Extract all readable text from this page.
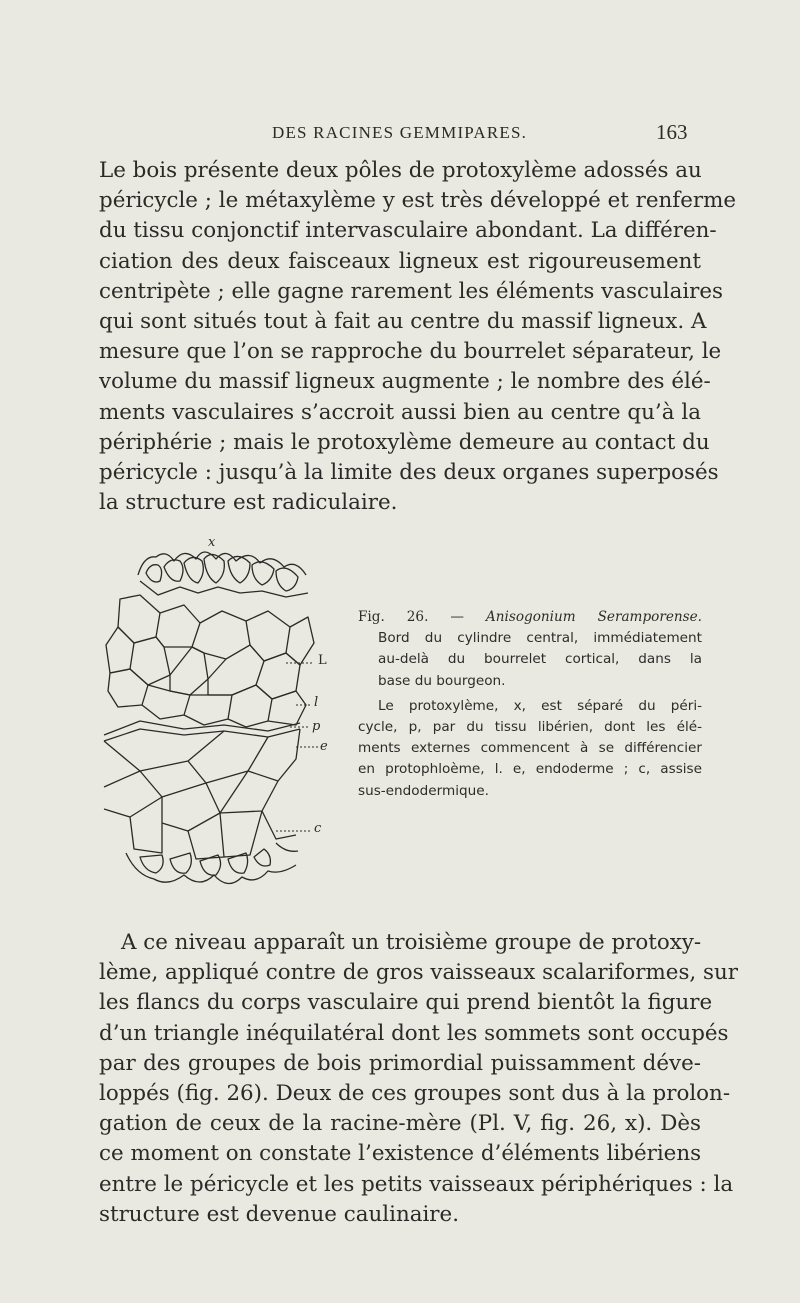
DES RACINES GEMMIPARES.	163
Le bois présente deux pôles de protoxylème adossés au
péricycle ; le métaxylème y est très développé et renferme
du tissu conjonctif intervasculaire abondant. La différen-
ciation des deux faisceaux ligneux est rigoureusement
centripète ; elle gagne rarement les éléments vasculaires
qui sont situés tout à fait au centre du massif ligneux. A
mesure que l’on se rapproche du bourrelet séparateur, le
volume du massif ligneux augmente ; le nombre des élé-
ments vasculaires s’accroit aussi bien au centre qu’à la
périphérie ; mais le protoxylème demeure au contact du
péricycle : jusqu’à la limite des deux organes superposés
la structure est radiculaire.
x
L
l
p
e
c
Fig. 26. — Anisogonium Seramporense.
Bord du cylindre central, immédiatement
au-delà du bourrelet cortical, dans la
base du bourgeon.
Le protoxylème, x, est séparé du péri-
cycle, p, par du tissu libérien, dont les élé-
ments externes commencent à se différencier
en protophloème, l. e, endoderme ; c, assise
sus-endodermique.
A ce niveau apparaît un troisième groupe de protoxy-
lème, appliqué contre de gros vaisseaux scalariformes, sur
les flancs du corps vasculaire qui prend bientôt la figure
d’un triangle inéquilatéral dont les sommets sont occupés
par des groupes de bois primordial puissamment déve-
loppés (fig. 26). Deux de ces groupes sont dus à la prolon-
gation de ceux de la racine-mère (Pl. V, fig. 26, x). Dès
ce moment on constate l’existence d’éléments libériens
entre le péricycle et les petits vaisseaux périphériques : la
structure est devenue caulinaire.
